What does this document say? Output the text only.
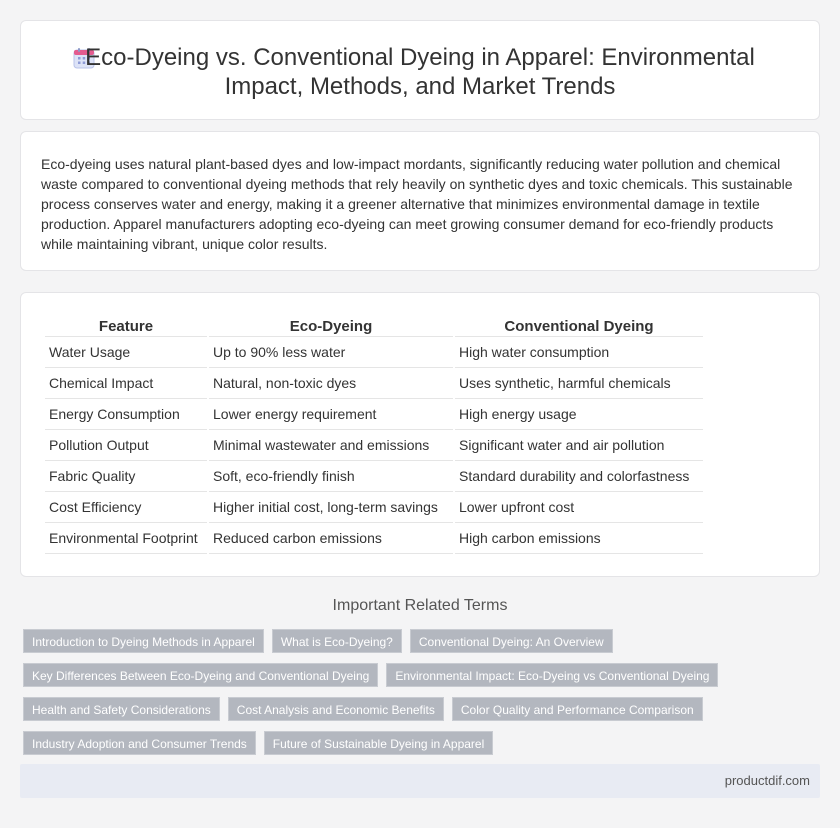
Eco-Dyeing vs. Conventional Dyeing in Apparel: Environmental Impact, Methods, and Market Trends

Eco-dyeing uses natural plant-based dyes and low-impact mordants, significantly reducing water pollution and chemical waste compared to conventional dyeing methods that rely heavily on synthetic dyes and toxic chemicals. This sustainable process conserves water and energy, making it a greener alternative that minimizes environmental damage in textile production. Apparel manufacturers adopting eco-dyeing can meet growing consumer demand for eco-friendly products while maintaining vibrant, unique color results.

Feature	Eco-Dyeing	Conventional Dyeing
Water Usage	Up to 90% less water	High water consumption
Chemical Impact	Natural, non-toxic dyes	Uses synthetic, harmful chemicals
Energy Consumption	Lower energy requirement	High energy usage
Pollution Output	Minimal wastewater and emissions	Significant water and air pollution
Fabric Quality	Soft, eco-friendly finish	Standard durability and colorfastness
Cost Efficiency	Higher initial cost, long-term savings	Lower upfront cost
Environmental Footprint	Reduced carbon emissions	High carbon emissions
Important Related Terms
Introduction to Dyeing Methods in Apparel	What is Eco-Dyeing?	Conventional Dyeing: An Overview
Key Differences Between Eco-Dyeing and Conventional Dyeing	Environmental Impact: Eco-Dyeing vs Conventional Dyeing
Health and Safety Considerations	Cost Analysis and Economic Benefits	Color Quality and Performance Comparison
Industry Adoption and Consumer Trends	Future of Sustainable Dyeing in Apparel
productdif.com
